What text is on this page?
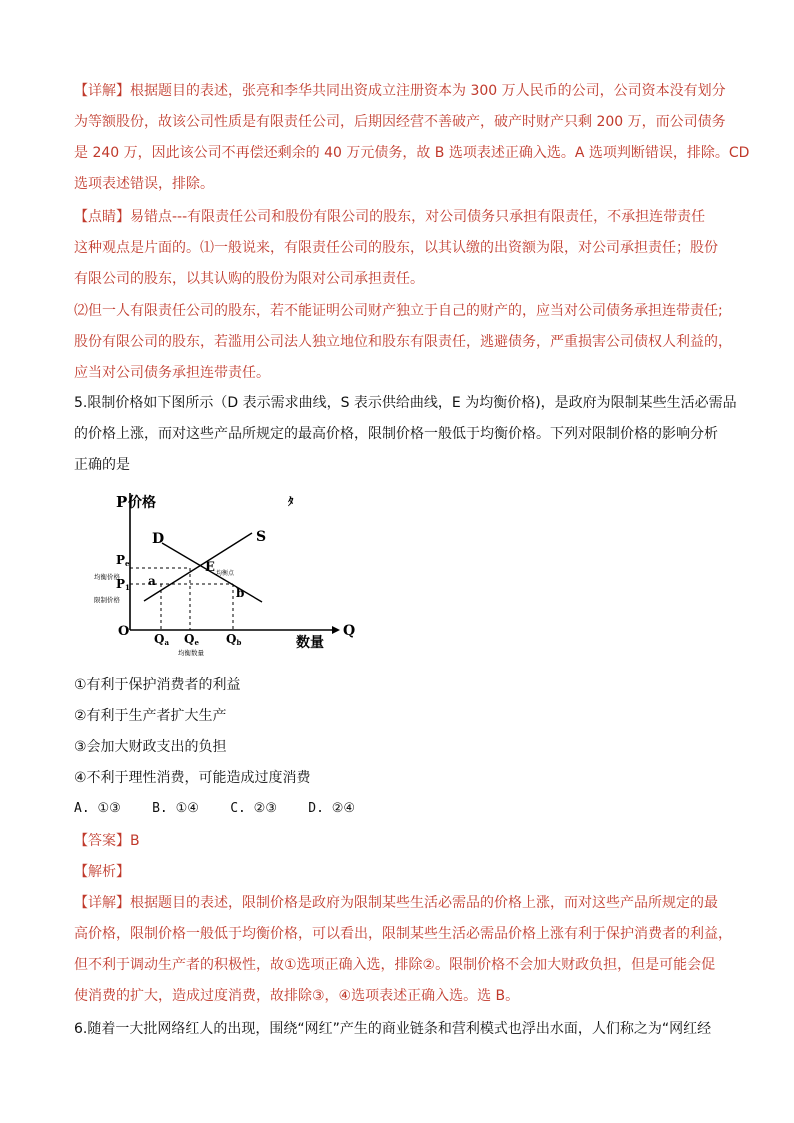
【详解】根据题目的表述，张亮和李华共同出资成立注册资本为 300 万人民币的公司，公司资本没有划分
为等额股份，故该公司性质是有限责任公司，后期因经营不善破产，破产时财产只剩 200 万，而公司债务
是 240 万，因此该公司不再偿还剩余的 40 万元债务，故 B 选项表述正确入选。A 选项判断错误，排除。CD
选项表述错误，排除。
【点睛】易错点---有限责任公司和股份有限公司的股东，对公司债务只承担有限责任，不承担连带责任
这种观点是片面的。⑴一般说来，有限责任公司的股东，以其认缴的出资额为限，对公司承担责任；股份
有限公司的股东，以其认购的股份为限对公司承担责任。
⑵但一人有限责任公司的股东，若不能证明公司财产独立于自己的财产的，应当对公司债务承担连带责任;
股份有限公司的股东，若滥用公司法人独立地位和股东有限责任，逃避债务，严重损害公司债权人利益的，
应当对公司债务承担连带责任。
5.限制价格如下图所示（D 表示需求曲线，S 表示供给曲线，E 为均衡价格)，是政府为限制某些生活必需品
的价格上涨，而对这些产品所规定的最高价格，限制价格一般低于均衡价格。下列对限制价格的影响分析
正确的是
P 价格
D	S
ﾀ
E 均衡点
Pe
均衡价格
P1
限制价格
a
b
O Qa Qe Qb
均衡数量
Q
数量
①有利于保护消费者的利益
②有利于生产者扩大生产
③会加大财政支出的负担
④不利于理性消费，可能造成过度消费
A. ①③    B. ①④    C. ②③    D. ②④
【答案】B
【解析】
【详解】根据题目的表述，限制价格是政府为限制某些生活必需品的价格上涨，而对这些产品所规定的最
高价格，限制价格一般低于均衡价格，可以看出，限制某些生活必需品价格上涨有利于保护消费者的利益，
但不利于调动生产者的积极性，故①选项正确入选，排除②。限制价格不会加大财政负担，但是可能会促
使消费的扩大，造成过度消费，故排除③，④选项表述正确入选。选 B。
6.随着一大批网络红人的出现，围绕“网红”产生的商业链条和营利模式也浮出水面，人们称之为“网红经
